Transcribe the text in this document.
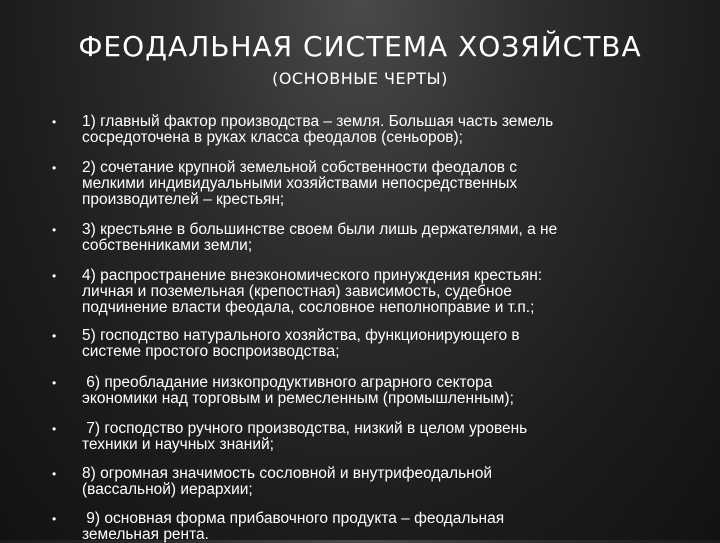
ФЕОДАЛЬНАЯ СИСТЕМА ХОЗЯЙСТВА
(ОСНОВНЫЕ ЧЕРТЫ)
• 1) главный фактор производства – земля. Большая часть земель
сосредоточена в руках класса феодалов (сеньоров);
• 2) сочетание крупной земельной собственности феодалов с
мелкими индивидуальными хозяйствами непосредственных
производителей – крестьян;
• 3) крестьяне в большинстве своем были лишь держателями, а не
собственниками земли;
• 4) распространение внеэкономического принуждения крестьян:
личная и поземельная (крепостная) зависимость, судебное
подчинение власти феодала, сословное неполноправие и т.п.;
• 5) господство натурального хозяйства, функционирующего в
системе простого воспроизводства;
• 6) преобладание низкопродуктивного аграрного сектора
экономики над торговым и ремесленным (промышленным);
• 7) господство ручного производства, низкий в целом уровень
техники и научных знаний;
• 8) огромная значимость сословной и внутрифеодальной
(вассальной) иерархии;
• 9) основная форма прибавочного продукта – феодальная
земельная рента.
